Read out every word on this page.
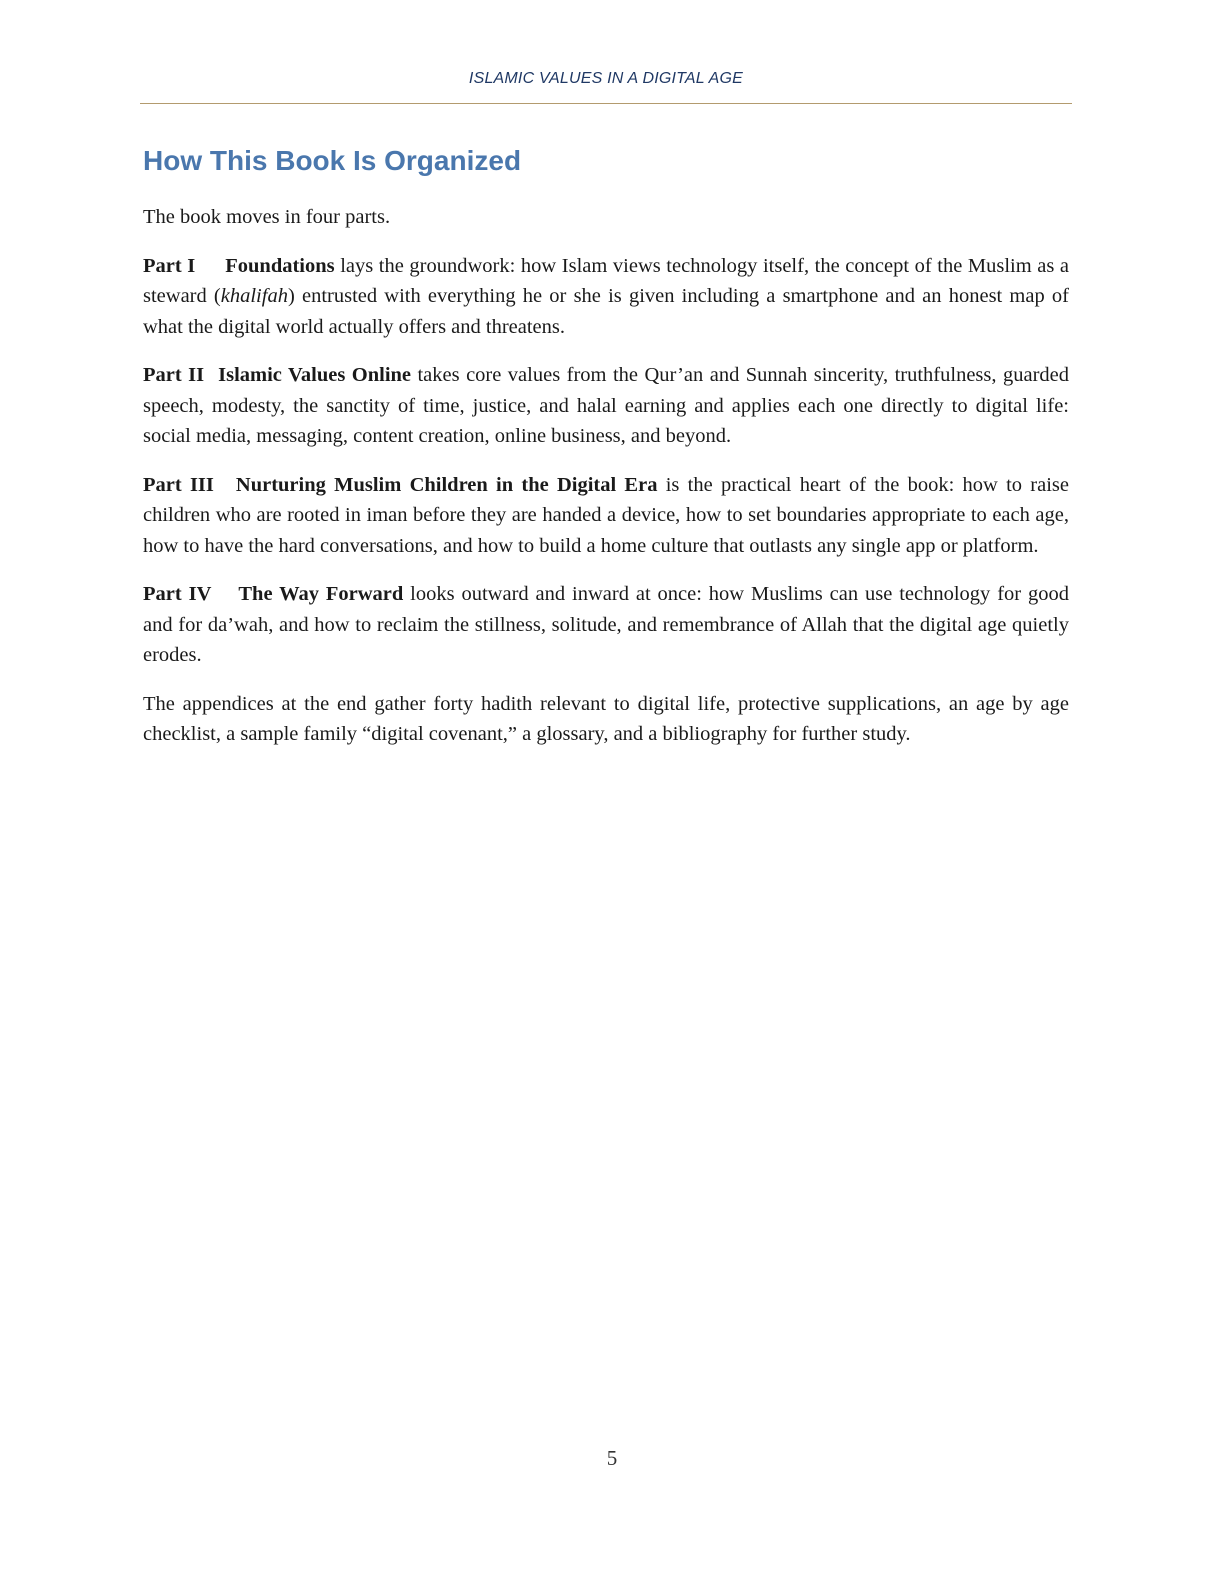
ISLAMIC VALUES IN A DIGITAL AGE
How This Book Is Organized

The book moves in four parts.

Part I Foundations lays the groundwork: how Islam views technology itself, the concept of the Muslim as a steward (khalifah) entrusted with everything he or she is given including a smartphone and an honest map of what the digital world actually offers and threatens.

Part II Islamic Values Online takes core values from the Qur’an and Sunnah sincerity, truthfulness, guarded speech, modesty, the sanctity of time, justice, and halal earning and applies each one directly to digital life: social media, messaging, content creation, online business, and beyond.

Part III Nurturing Muslim Children in the Digital Era is the practical heart of the book: how to raise children who are rooted in iman before they are handed a device, how to set boundaries appropriate to each age, how to have the hard conversations, and how to build a home culture that outlasts any single app or platform.

Part IV The Way Forward looks outward and inward at once: how Muslims can use technology for good and for da’wah, and how to reclaim the stillness, solitude, and remembrance of Allah that the digital age quietly erodes.

The appendices at the end gather forty hadith relevant to digital life, protective supplications, an age by age checklist, a sample family “digital covenant,” a glossary, and a bibliography for further study.

5
